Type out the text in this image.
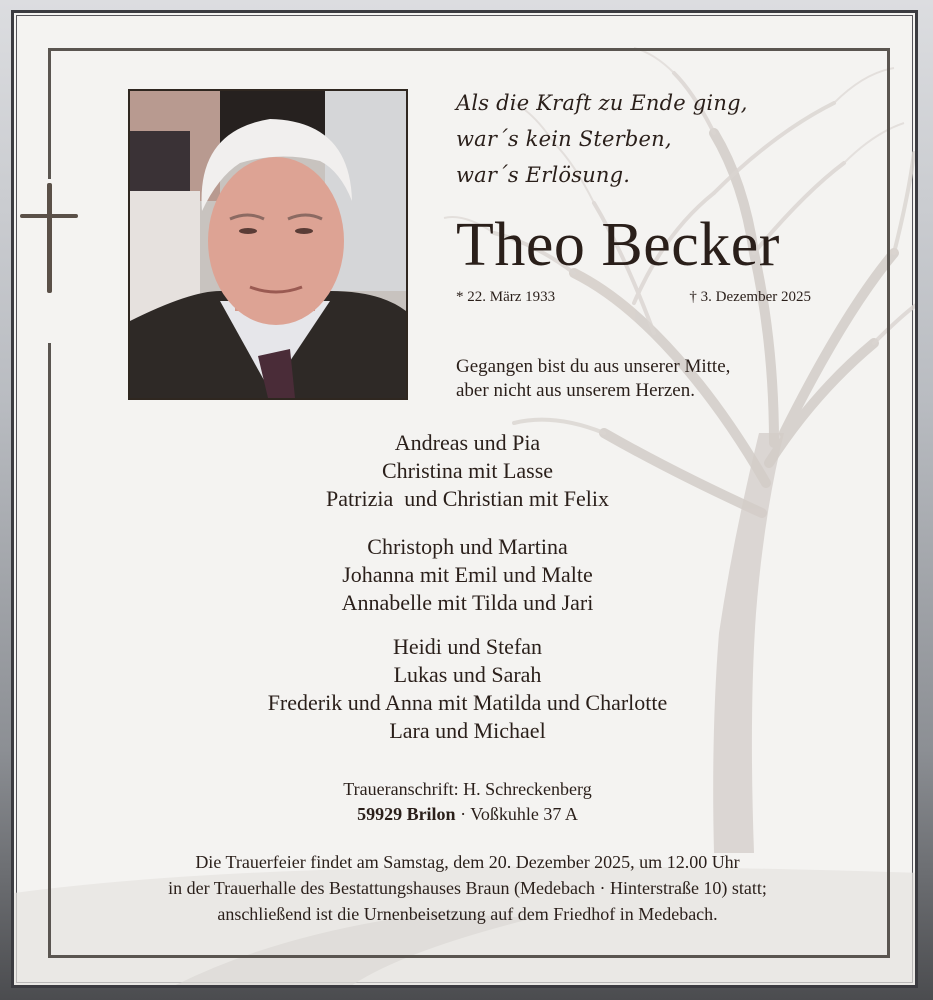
Als die Kraft zu Ende ging,
war´s kein Sterben,
war´s Erlösung.
Theo Becker
* 22. März 1933	† 3. Dezember 2025
Gegangen bist du aus unserer Mitte,
aber nicht aus unserem Herzen.
Andreas und Pia
Christina mit Lasse
Patrizia  und Christian mit Felix
Christoph und Martina
Johanna mit Emil und Malte
Annabelle mit Tilda und Jari
Heidi und Stefan
Lukas und Sarah
Frederik und Anna mit Matilda und Charlotte
Lara und Michael
Traueranschrift: H. Schreckenberg
59929 Brilon · Voßkuhle 37 A
Die Trauerfeier findet am Samstag, dem 20. Dezember 2025, um 12.00 Uhr
in der Trauerhalle des Bestattungshauses Braun (Medebach · Hinterstraße 10) statt;
anschließend ist die Urnenbeisetzung auf dem Friedhof in Medebach.
